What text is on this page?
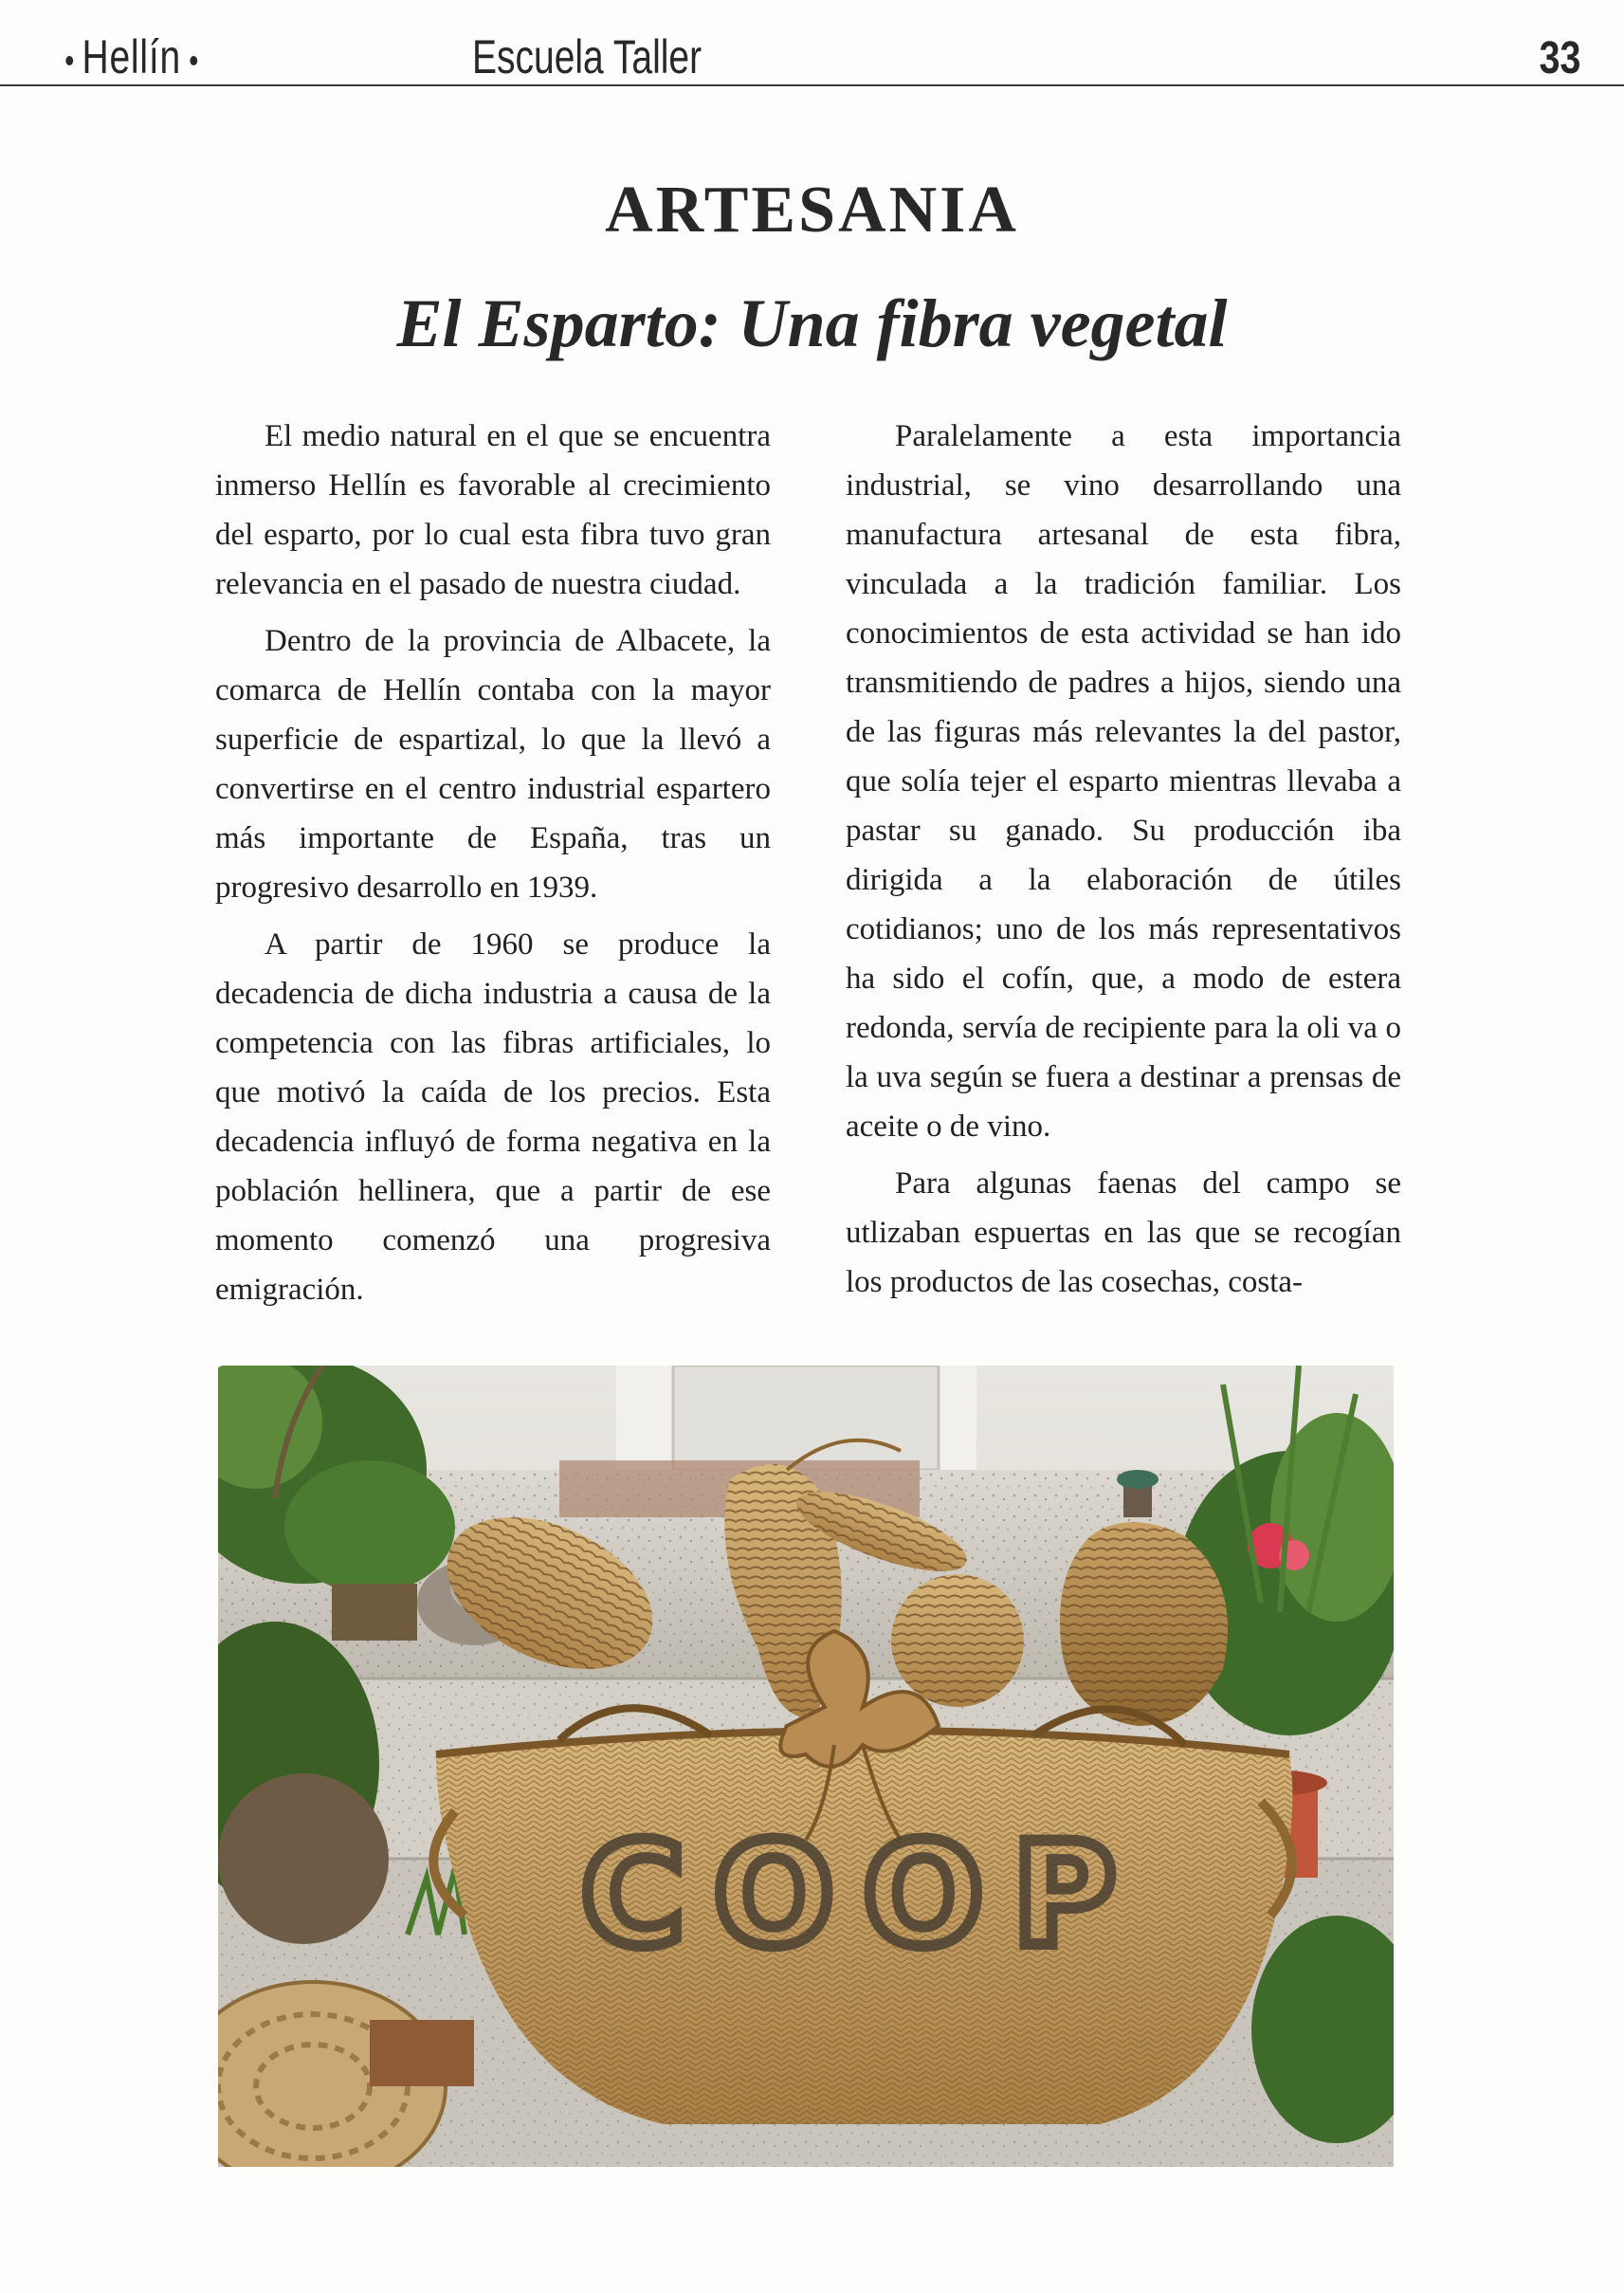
Hellín	Escuela Taller	33
ARTESANIA
El Esparto: Una fibra vegetal

El medio natural en el que se encuentra inmerso Hellín es favorable al crecimiento del esparto, por lo cual esta fibra tuvo gran relevancia en el pasado de nuestra ciudad.

Dentro de la provincia de Albacete, la comarca de Hellín contaba con la mayor superficie de espartizal, lo que la llevó a convertirse en el centro industrial espartero más importante de España, tras un progresivo desarrollo en 1939.

A partir de 1960 se produce la decadencia de dicha industria a causa de la competencia con las fibras artificiales, lo que motivó la caída de los precios. Esta decadencia influyó de forma negativa en la población hellinera, que a partir de ese momento comenzó una progresiva emigración.

Paralelamente a esta importancia industrial, se vino desarrollando una manufactura artesanal de esta fibra, vinculada a la tradición familiar. Los conocimientos de esta actividad se han ido transmitiendo de padres a hijos, siendo una de las figuras más relevantes la del pastor, que solía tejer el esparto mientras llevaba a pastar su ganado. Su producción iba dirigida a la elaboración de útiles cotidianos; uno de los más representativos ha sido el cofín, que, a modo de estera redonda, servía de recipiente para la oli va o la uva según se fuera a destinar a prensas de aceite o de vino.

Para algunas faenas del campo se utlizaban espuertas en las que se recogían los productos de las cosechas, costa-

COOP
